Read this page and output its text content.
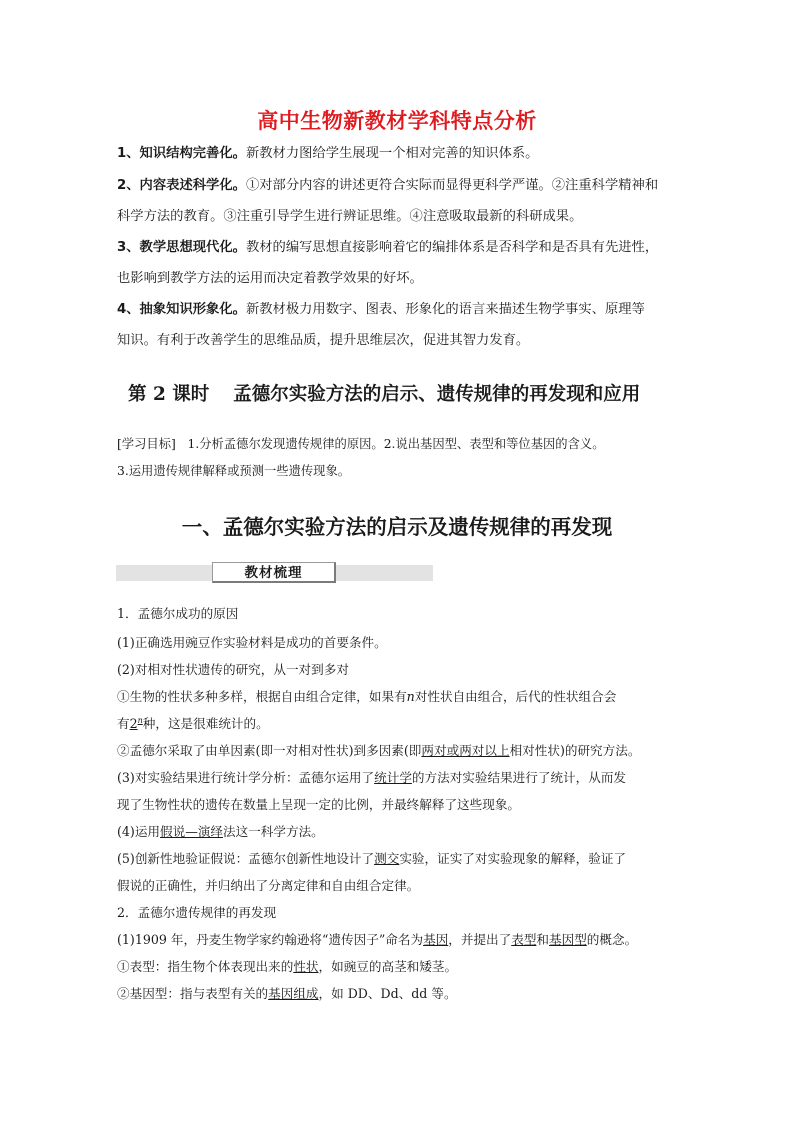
高中生物新教材学科特点分析
1、知识结构完善化。新教材力图给学生展现一个相对完善的知识体系。
2、内容表述科学化。①对部分内容的讲述更符合实际而显得更科学严谨。②注重科学精神和
科学方法的教育。③注重引导学生进行辨证思维。④注意吸取最新的科研成果。
3、教学思想现代化。教材的编写思想直接影响着它的编排体系是否科学和是否具有先进性，
也影响到教学方法的运用而决定着教学效果的好坏。
4、抽象知识形象化。新教材极力用数字、图表、形象化的语言来描述生物学事实、原理等
知识。有利于改善学生的思维品质，提升思维层次，促进其智力发育。
第 2 课时 孟德尔实验方法的启示、遗传规律的再发现和应用
[学习目标] 1.分析孟德尔发现遗传规律的原因。2.说出基因型、表型和等位基因的含义。
3.运用遗传规律解释或预测一些遗传现象。
一、孟德尔实验方法的启示及遗传规律的再发现
教材梳理
1．孟德尔成功的原因
(1)正确选用豌豆作实验材料是成功的首要条件。
(2)对相对性状遗传的研究，从一对到多对
①生物的性状多种多样，根据自由组合定律，如果有n对性状自由组合，后代的性状组合会
有2$^n$种，这是很难统计的。
②孟德尔采取了由单因素(即一对相对性状)到多因素(即两对或两对以上相对性状)的研究方法。
(3)对实验结果进行统计学分析：孟德尔运用了统计学的方法对实验结果进行了统计，从而发
现了生物性状的遗传在数量上呈现一定的比例，并最终解释了这些现象。
(4)运用假说—演绎法这一科学方法。
(5)创新性地验证假说：孟德尔创新性地设计了测交实验，证实了对实验现象的解释，验证了
假说的正确性，并归纳出了分离定律和自由组合定律。
2．孟德尔遗传规律的再发现
(1)1909 年，丹麦生物学家约翰逊将“遗传因子”命名为基因，并提出了表型和基因型的概念。
①表型：指生物个体表现出来的性状，如豌豆的高茎和矮茎。
②基因型：指与表型有关的基因组成，如 DD、Dd、dd 等。
